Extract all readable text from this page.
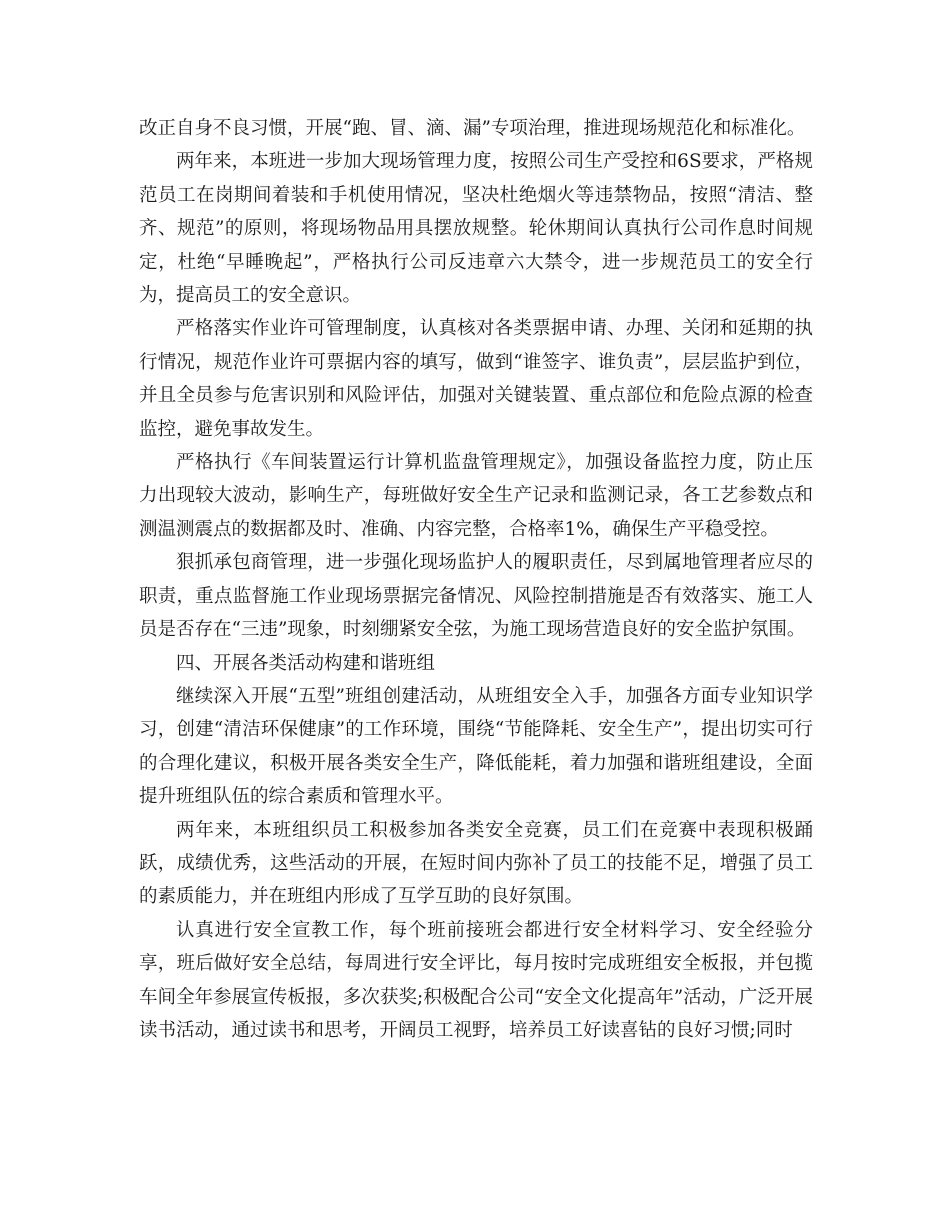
改正自身不良习惯，开展“跑、冒、滴、漏”专项治理，推进现场规范化和标准化。

两年来，本班进一步加大现场管理力度，按照公司生产受控和6S要求，严格规范员工在岗期间着装和手机使用情况，坚决杜绝烟火等违禁物品，按照“清洁、整齐、规范”的原则，将现场物品用具摆放规整。轮休期间认真执行公司作息时间规定，杜绝“早睡晚起”，严格执行公司反违章六大禁令，进一步规范员工的安全行为，提高员工的安全意识。

严格落实作业许可管理制度，认真核对各类票据申请、办理、关闭和延期的执行情况，规范作业许可票据内容的填写，做到“谁签字、谁负责”，层层监护到位，并且全员参与危害识别和风险评估，加强对关键装置、重点部位和危险点源的检查监控，避免事故发生。

严格执行《车间装置运行计算机监盘管理规定》，加强设备监控力度，防止压力出现较大波动，影响生产，每班做好安全生产记录和监测记录，各工艺参数点和测温测震点的数据都及时、准确、内容完整，合格率1%，确保生产平稳受控。

狠抓承包商管理，进一步强化现场监护人的履职责任，尽到属地管理者应尽的职责，重点监督施工作业现场票据完备情况、风险控制措施是否有效落实、施工人员是否存在“三违”现象，时刻绷紧安全弦，为施工现场营造良好的安全监护氛围。

四、开展各类活动构建和谐班组

继续深入开展“五型”班组创建活动，从班组安全入手，加强各方面专业知识学习，创建“清洁环保健康”的工作环境，围绕“节能降耗、安全生产”，提出切实可行的合理化建议，积极开展各类安全生产，降低能耗，着力加强和谐班组建设，全面提升班组队伍的综合素质和管理水平。

两年来，本班组织员工积极参加各类安全竞赛，员工们在竞赛中表现积极踊跃，成绩优秀，这些活动的开展，在短时间内弥补了员工的技能不足，增强了员工的素质能力，并在班组内形成了互学互助的良好氛围。

认真进行安全宣教工作，每个班前接班会都进行安全材料学习、安全经验分享，班后做好安全总结，每周进行安全评比，每月按时完成班组安全板报，并包揽车间全年参展宣传板报，多次获奖;积极配合公司“安全文化提高年”活动，广泛开展读书活动，通过读书和思考，开阔员工视野，培养员工好读喜钻的良好习惯;同时
